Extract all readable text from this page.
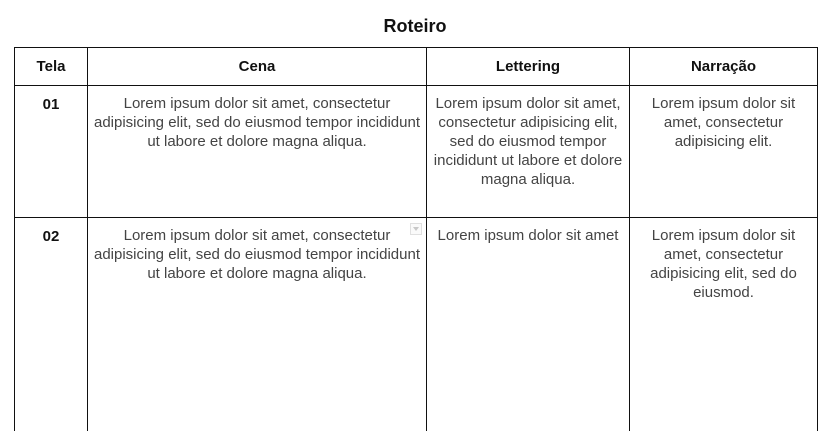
Roteiro
Tela	Cena	Lettering	Narração
01	Lorem ipsum dolor sit amet, consectetur adipisicing elit, sed do eiusmod tempor incididunt ut labore et dolore magna aliqua.	Lorem ipsum dolor sit amet, consectetur adipisicing elit, sed do eiusmod tempor incididunt ut labore et dolore magna aliqua.	Lorem ipsum dolor sit amet, consectetur adipisicing elit.
02	Lorem ipsum dolor sit amet, consectetur adipisicing elit, sed do eiusmod tempor incididunt ut labore et dolore magna aliqua.	Lorem ipsum dolor sit amet	Lorem ipsum dolor sit amet, consectetur adipisicing elit, sed do eiusmod.
